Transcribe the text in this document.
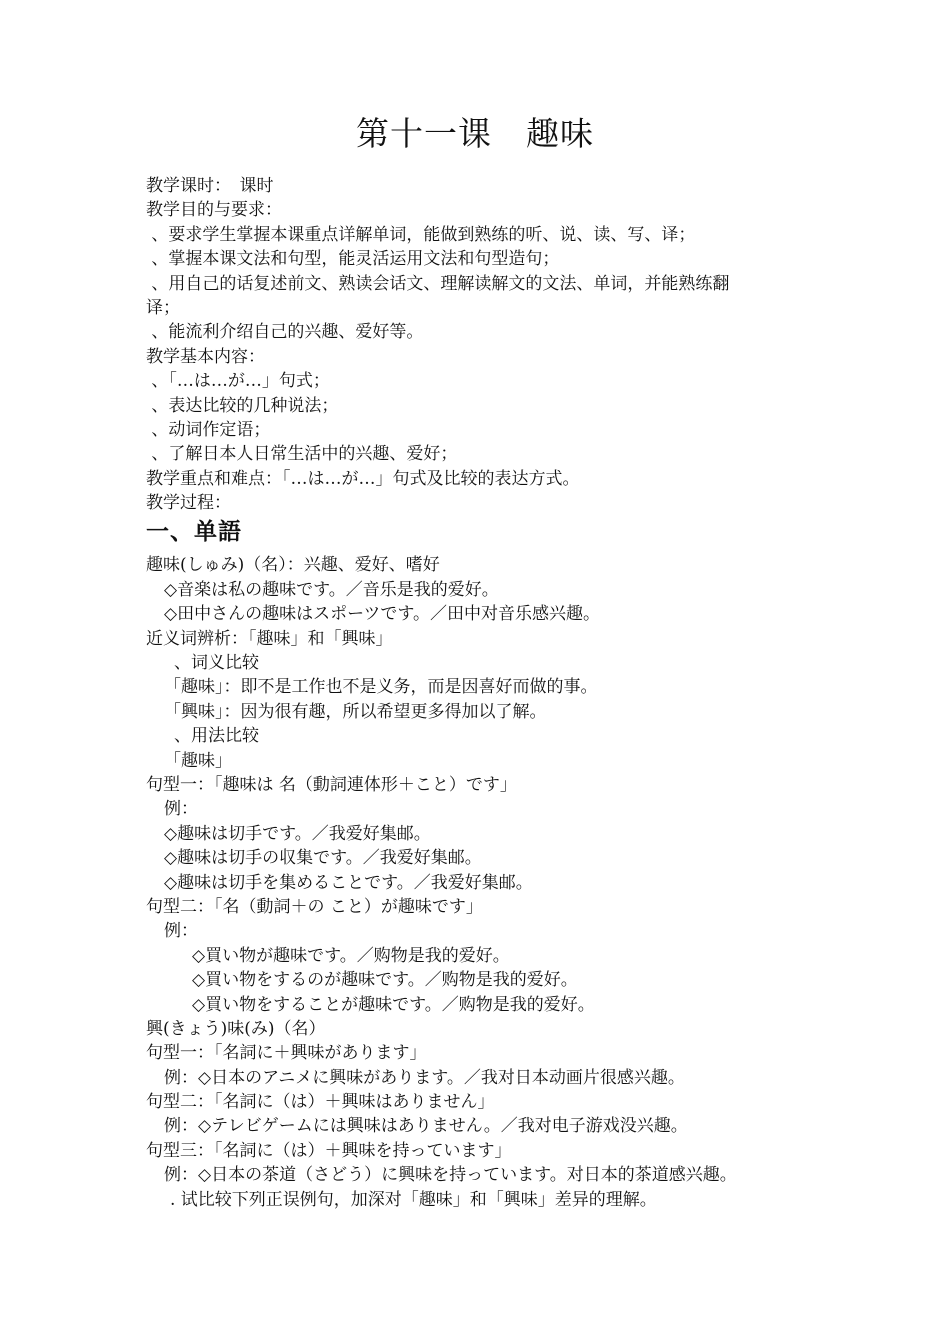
第十一课　趣味
教学课时：　课时
教学目的与要求：
、要求学生掌握本课重点详解单词，能做到熟练的听、说、读、写、译；
、掌握本课文法和句型，能灵活运用文法和句型造句；
、用自己的话复述前文、熟读会话文、理解读解文的文法、单词，并能熟练翻
译；
、能流利介绍自己的兴趣、爱好等。
教学基本内容：
、「…は…が…」句式；
、表达比较的几种说法；
、动词作定语；
、了解日本人日常生活中的兴趣、爱好；
教学重点和难点：「…は…が…」句式及比较的表达方式。
教学过程：
一、单語
趣味(しゅみ)（名）：兴趣、爱好、嗜好
◇音楽は私の趣味です。／音乐是我的爱好。
◇田中さんの趣味はスポーツです。／田中对音乐感兴趣。
近义词辨析：「趣味」和「興味」
、词义比较
「趣味」：即不是工作也不是义务，而是因喜好而做的事。
「興味」：因为很有趣，所以希望更多得加以了解。
、用法比较
「趣味」
句型一：「趣味は 名（動詞連体形＋こと）です」
例：
◇趣味は切手です。／我爱好集邮。
◇趣味は切手の収集です。／我爱好集邮。
◇趣味は切手を集めることです。／我爱好集邮。
句型二：「名（動詞＋の こと）が趣味です」
例：
◇買い物が趣味です。／购物是我的爱好。
◇買い物をするのが趣味です。／购物是我的爱好。
◇買い物をすることが趣味です。／购物是我的爱好。
興(きょう)味(み)（名）
句型一：「名詞に＋興味があります」
例：◇日本のアニメに興味があります。／我对日本动画片很感兴趣。
句型二：「名詞に（は）＋興味はありません」
例：◇テレビゲームには興味はありません。／我对电子游戏没兴趣。
句型三：「名詞に（は）＋興味を持っています」
例：◇日本の茶道（さどう）に興味を持っています。对日本的茶道感兴趣。
. 试比较下列正误例句，加深对「趣味」和「興味」差异的理解。
